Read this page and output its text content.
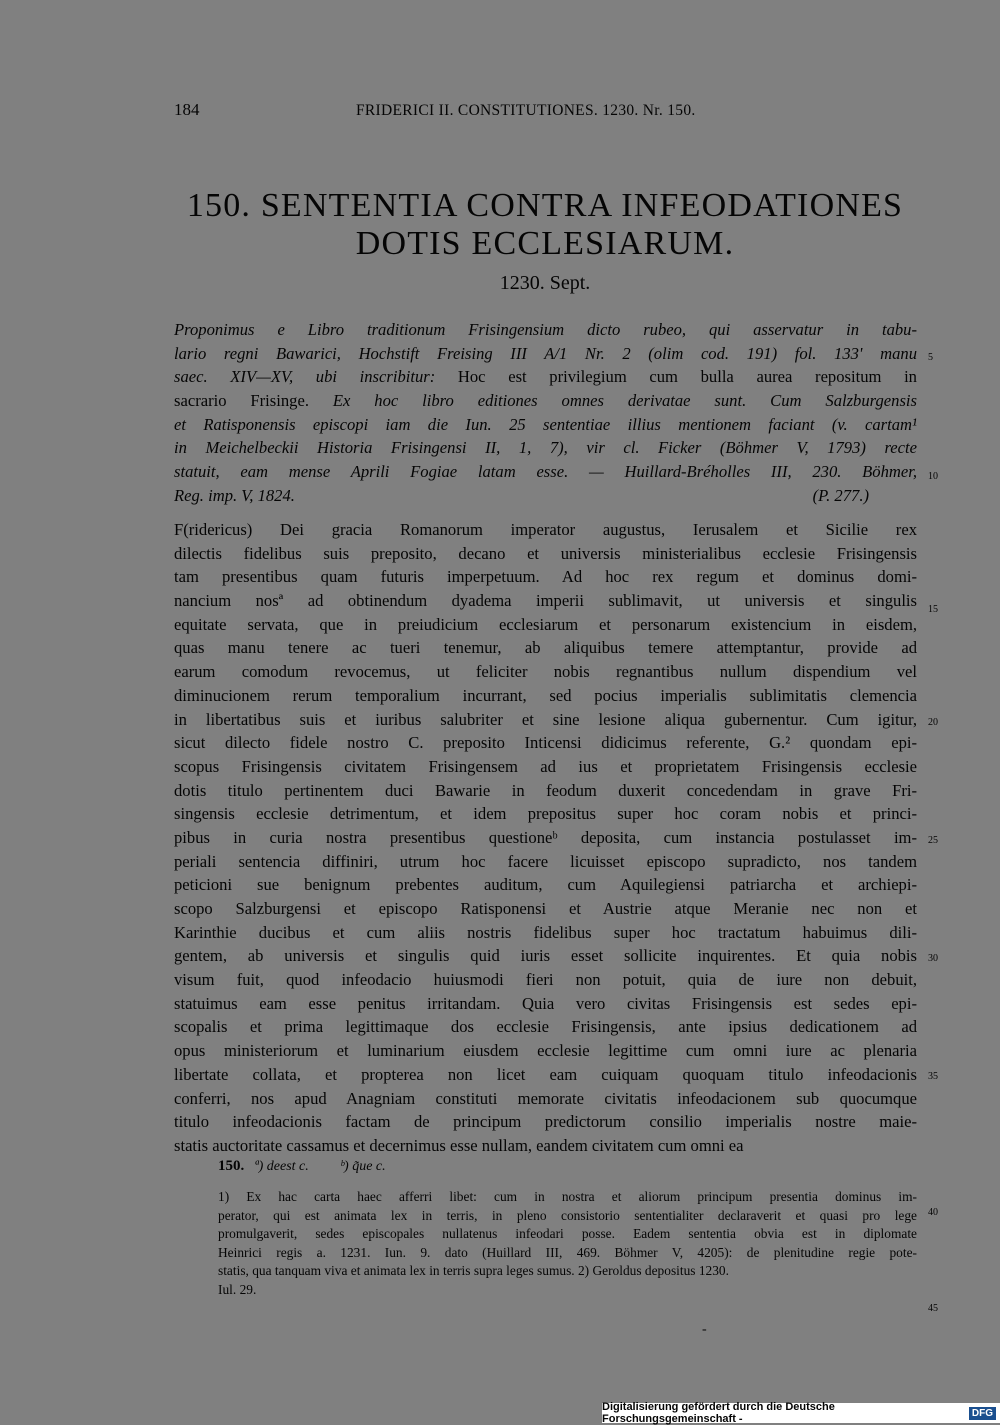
184	FRIDERICI II. CONSTITUTIONES. 1230. Nr. 150.
150. SENTENTIA CONTRA INFEODATIONES
DOTIS ECCLESIARUM.
1230. Sept.
Proponimus e Libro traditionum Frisingensium dicto rubeo, qui asservatur in tabu-
lario regni Bawarici, Hochstift Freising III A/1 Nr. 2 (olim cod. 191) fol. 133' manu
saec. XIV—XV, ubi inscribitur: Hoc est privilegium cum bulla aurea repositum in
sacrario Frisinge. Ex hoc libro editiones omnes derivatae sunt. Cum Salzburgensis
et Ratisponensis episcopi iam die Iun. 25 sententiae illius mentionem faciant (v. cartam¹
in Meichelbeckii Historia Frisingensi II, 1, 7), vir cl. Ficker (Böhmer V, 1793) recte
statuit, eam mense Aprili Fogiae latam esse. — Huillard-Bréholles III, 230. Böhmer,
Reg. imp. V, 1824.	(P. 277.)
F(ridericus) Dei gracia Romanorum imperator augustus, Ierusalem et Sicilie rex
dilectis fidelibus suis preposito, decano et universis ministerialibus ecclesie Frisingensis
tam presentibus quam futuris imperpetuum. Ad hoc rex regum et dominus domi-
nancium nosª ad obtinendum dyadema imperii sublimavit, ut universis et singulis
equitate servata, que in preiudicium ecclesiarum et personarum existencium in eisdem,
quas manu tenere ac tueri tenemur, ab aliquibus temere attemptantur, provide ad
earum comodum revocemus, ut feliciter nobis regnantibus nullum dispendium vel
diminucionem rerum temporalium incurrant, sed pocius imperialis sublimitatis clemencia
in libertatibus suis et iuribus salubriter et sine lesione aliqua gubernentur. Cum igitur,
sicut dilecto fidele nostro C. preposito Inticensi didicimus referente, G.² quondam epi-
scopus Frisingensis civitatem Frisingensem ad ius et proprietatem Frisingensis ecclesie
dotis titulo pertinentem duci Bawarie in feodum duxerit concedendam in grave Fri-
singensis ecclesie detrimentum, et idem prepositus super hoc coram nobis et princi-
pibus in curia nostra presentibus questioneᵇ deposita, cum instancia postulasset im-
periali sentencia diffiniri, utrum hoc facere licuisset episcopo supradicto, nos tandem
peticioni sue benignum prebentes auditum, cum Aquilegiensi patriarcha et archiepi-
scopo Salzburgensi et episcopo Ratisponensi et Austrie atque Meranie nec non et
Karinthie ducibus et cum aliis nostris fidelibus super hoc tractatum habuimus dili-
gentem, ab universis et singulis quid iuris esset sollicite inquirentes. Et quia nobis
visum fuit, quod infeodacio huiusmodi fieri non potuit, quia de iure non debuit,
statuimus eam esse penitus irritandam. Quia vero civitas Frisingensis est sedes epi-
scopalis et prima legittimaque dos ecclesie Frisingensis, ante ipsius dedicationem ad
opus ministeriorum et luminarium eiusdem ecclesie legittime cum omni iure ac plenaria
libertate collata, et propterea non licet eam cuiquam quoquam titulo infeodacionis
conferri, nos apud Anagniam constituti memorate civitatis infeodacionem sub quocumque
titulo infeodacionis factam de principum predictorum consilio imperialis nostre maie-
statis auctoritate cassamus et decernimus esse nullam, eandem civitatem cum omni ea
150. ª) deest c. ᵇ) q̃ue c.
1) Ex hac carta haec afferri libet: cum in nostra et aliorum principum presentia dominus im-
perator, qui est animata lex in terris, in pleno consistorio sententialiter declaraverit et quasi pro lege
promulgaverit, sedes episcopales nullatenus infeodari posse. Eadem sententia obvia est in diplomate
Heinrici regis a. 1231. Iun. 9. dato (Huillard III, 469. Böhmer V, 4205): de plenitudine regie pote-
statis, qua tanquam viva et animata lex in terris supra leges sumus. 2) Geroldus depositus 1230.
Iul. 29.
5
10
15
20
25
30
35
40
45
-
Digitalisierung gefördert durch die Deutsche Forschungsgemeinschaft -	DFG
